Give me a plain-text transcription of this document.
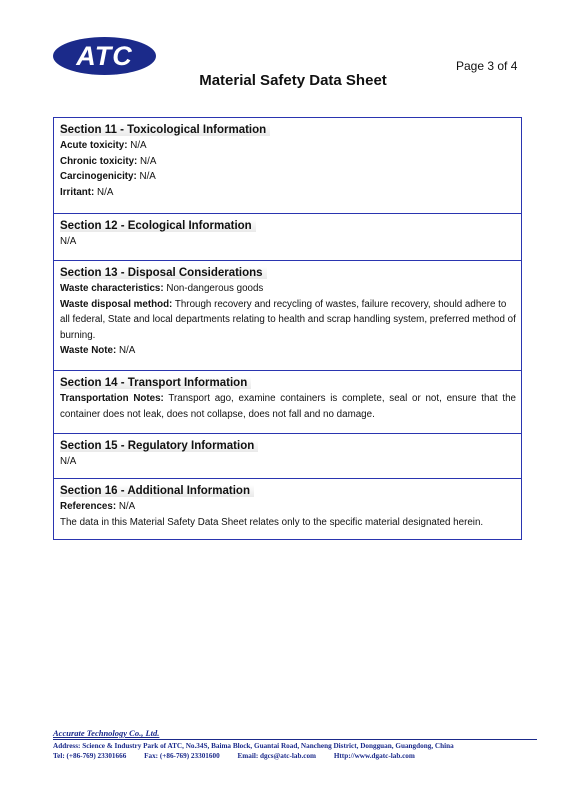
ATC	Page 3 of 4
Material Safety Data Sheet
Section 11 - Toxicological Information
Acute toxicity: N/A
Chronic toxicity: N/A
Carcinogenicity: N/A
Irritant: N/A
Section 12 - Ecological Information
N/A
Section 13 - Disposal Considerations
Waste characteristics: Non-dangerous goods
Waste disposal method: Through recovery and recycling of wastes, failure recovery, should adhere to all federal, State and local departments relating to health and scrap handling system, preferred method of burning.
Waste Note: N/A
Section 14 - Transport Information
Transportation Notes: Transport ago, examine containers is complete, seal or not, ensure that the container does not leak, does not collapse, does not fall and no damage.
Section 15 - Regulatory Information
N/A
Section 16 - Additional Information
References: N/A
The data in this Material Safety Data Sheet relates only to the specific material designated herein.
Accurate Technology Co., Ltd.
Address: Science & Industry Park of ATC, No.34S, Baima Block, Guantai Road, Nancheng District, Dongguan, Guangdong, China
Tel: (+86-769) 23301666 Fax: (+86-769) 23301600 Email: dgcs@atc-lab.com Http://www.dgatc-lab.com
